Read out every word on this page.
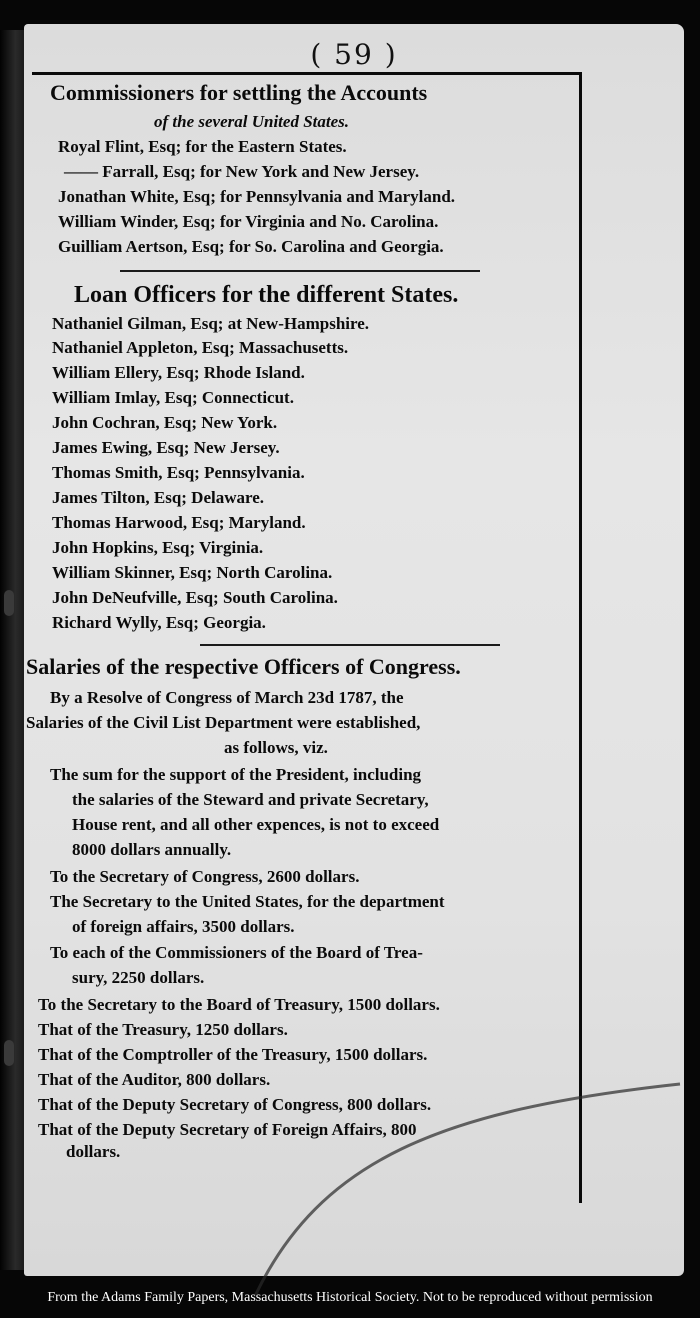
( 59 )
Commissioners for settling the Accounts
of the several United States.
Royal Flint, Esq; for the Eastern States.
—— Farrall, Esq; for New York and New Jersey.
Jonathan White, Esq; for Pennsylvania and Maryland.
William Winder, Esq; for Virginia and No. Carolina.
Guilliam Aertson, Esq; for So. Carolina and Georgia.
Loan Officers for the different States.
Nathaniel Gilman, Esq; at New-Hampshire.
Nathaniel Appleton, Esq; Massachusetts.
William Ellery, Esq; Rhode Island.
William Imlay, Esq; Connecticut.
John Cochran, Esq; New York.
James Ewing, Esq; New Jersey.
Thomas Smith, Esq; Pennsylvania.
James Tilton, Esq; Delaware.
Thomas Harwood, Esq; Maryland.
John Hopkins, Esq; Virginia.
William Skinner, Esq; North Carolina.
John DeNeufville, Esq; South Carolina.
Richard Wylly, Esq; Georgia.
Salaries of the respective Officers of Congress.
By a Resolve of Congress of March 23d 1787, the
Salaries of the Civil List Department were established,
as follows, viz.
The sum for the support of the President, including
the salaries of the Steward and private Secretary,
House rent, and all other expences, is not to exceed
8000 dollars annually.
To the Secretary of Congress, 2600 dollars.
The Secretary to the United States, for the department
of foreign affairs, 3500 dollars.
To each of the Commissioners of the Board of Trea-
sury, 2250 dollars.
To the Secretary to the Board of Treasury, 1500 dollars.
That of the Treasury, 1250 dollars.
That of the Comptroller of the Treasury, 1500 dollars.
That of the Auditor, 800 dollars.
That of the Deputy Secretary of Congress, 800 dollars.
That of the Deputy Secretary of Foreign Affairs, 800
dollars.
From the Adams Family Papers, Massachusetts Historical Society. Not to be reproduced without permission
